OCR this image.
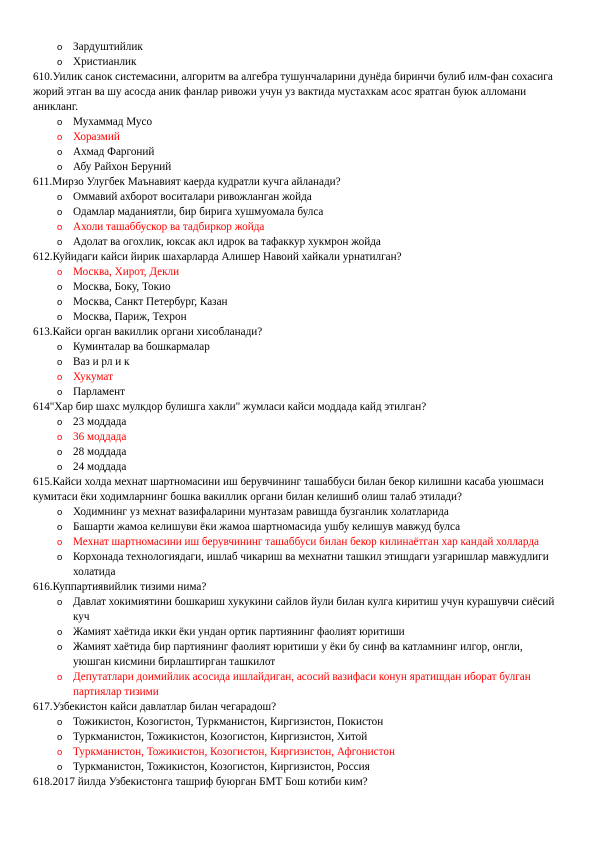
o Зардуштийлик
o Христианлик
610.Уилик санок системасини, алгоритм ва алгебра тушунчаларини дунёда биринчи булиб илм-фан сохасига жорий этган ва шу асосда аник фанлар ривожи учун уз вактида мустахкам асос яратган буюк алломани аникланг.
o Мухаммад Мусо
o Хоразмий
o Ахмад Фаргоний
o Абу Райхон Беруний
611.Мирзо Улугбек Маънавият каерда кудратли кучга айланади?
o Оммавий ахборот воситалари ривожланган жойда
o Одамлар маданиятли, бир бирига хушмуомала булса
o Ахоли ташаббускор ва тадбиркор жойда
o Адолат ва огохлик, юксак акл идрок ва тафаккур хукмрон жойда
612.Куйидаги кайси йирик шахарларда Алишер Навоий хайкали урнатилган?
o Москва, Хирот, Декли
o Москва, Боку, Токио
o Москва, Санкт Петербург, Казан
o Москва, Париж, Техрон
613.Кайси орган вакиллик органи хисобланади?
o Куминталар ва бошкармалар
o Ваз и рл и к
o Хукумат
o Парламент
614"Хар бир шахс мулкдор булишга хакли" жумласи кайси моддада кайд этилган?
o 23 моддада
o 36 моддада
o 28 моддада
o 24 моддада
615.Кайси холда мехнат шартномасини иш берувчининг ташаббуси билан бекор килишни касаба уюшмаси кумитаси ёки ходимларнинг бошка вакиллик органи билан келишиб олиш талаб этилади?
o Ходимнинг уз мехнат вазифаларини мунтазам равишда бузганлик холатларида
o Башарти жамоа келишуви ёки жамоа шартномасида ушбу келишув мавжуд булса
o Мехнат шартномасини иш берувчининг ташаббуси билан бекор килинаётган хар кандай холларда
o Корхонада технологиядаги, ишлаб чикариш ва мехнатни ташкил этишдаги узгаришлар мавжудлиги холатида
616.Куппартиявийлик тизими нима?
o Давлат хокимиятини бошкариш хукукини сайлов йули билан кулга киритиш учун курашувчи сиёсий куч
o Жамият хаётида икки ёки ундан ортик партиянинг фаолият юритиши
o Жамият хаётида бир партиянинг фаолият юритиши у ёки бу синф ва катламнинг илгор, онгли, уюшган кисмини бирлаштирган ташкилот
o Депутатлари доимийлик асосида ишлайдиган, асосий вазифаси конун яратишдан иборат булган партиялар тизими
617.Узбекистон кайси давлатлар билан чегарадош?
o Тожикистон, Козогистон, Туркманистон, Киргизистон, Покистон
o Туркманистон, Тожикистон, Козогистон, Киргизистон, Хитой
o Туркманистон, Тожикистон, Козогистон, Киргизистон, Афгонистон
o Туркманистон, Тожикистон, Козогистон, Киргизистон, Россия
618.2017 йилда Узбекистонга ташриф буюрган БМТ Бош котиби ким?
